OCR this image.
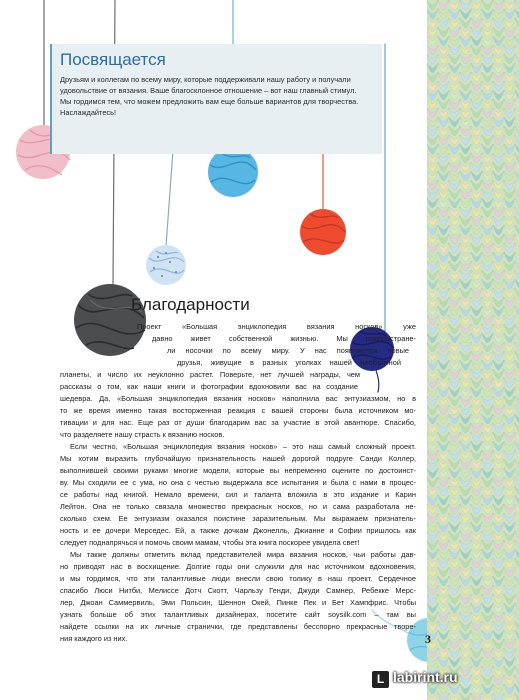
Посвящается

Друзьям и коллегам по всему миру, которые поддерживали нашу работу и получали
удовольствие от вязания. Ваше благосклонное отношение – вот наш главный стимул.
Мы гордимся тем, что можем предложить вам еще больше вариантов для творчества.
Наслаждайтесь!

Благодарности
Проект «Большая энциклопедия вязания носков» уже
давно живет собственной жизнью. Мы распростране-
ли носочки по всему миру. У нас появляются новые
друзья, живущие в разных уголках нашей необъятной
планеты, и число их неуклонно растет. Поверьте, нет лучшей награды, чем
рассказы о том, как наши книги и фотографии вдохновили вас на создание
шедевра. Да, «Большая энциклопедия вязания носков» наполнила вас энтузиазмом, но в
то же время именно такая восторженная реакция с вашей стороны была источником мо-
тивации и для нас. Еще раз от души благодарим вас за участие в этой авантюре. Спасибо,
что разделяете нашу страсть к вязанию носков.
Если честно, «Большая энциклопедия вязания носков» – это наш самый сложный проект.
Мы хотим выразить глубочайшую признательность нашей дорогой подруге Санди Коллер,
выполнившей своими руками многие модели, которые вы непременно оцените по достоинст-
ву. Мы сходили ее с ума, но она с честью выдержала все испытания и была с нами в процес-
се работы над книгой. Немало времени, сил и таланта вложила в это издание и Карин
Лейтон. Она не только связала множество прекрасных носков, но и сама разработала не-
сколько схем. Ее энтузиазм оказался поистине заразительным. Мы выражаем признатель-
ность и ее дочери Мерседес. Ей, а также дочкам Джонелль, Джианне и Софии пришлось как
следует поднапрячься и помочь своим мамам, чтобы эта книга поскорее увидела свет!
Мы также должны отметить вклад представителей мира вязания носков, чьи работы дав-
но приводят нас в восхищение. Долгие годы они служили для нас источником вдохновения,
и мы гордимся, что эти талантливые люди внесли свою толику в наш проект. Сердечное
спасибо Люси Нитби, Мелиссе Дотч Скотт, Чарльзу Генди, Джуди Самнер, Ребекке Мерс-
лер, Джоан Саммервиль, Эми Польсин, Шеннон Окей, Пинке Пек и Бет Хампфрис. Чтобы
узнать больше об этих талантливых дизайнерах, посетите сайт soysilk.com – там вы
найдете ссылки на их личные странички, где представлены бесспорно прекрасные творе-
ния каждого из них.	3
L labirint.ru
